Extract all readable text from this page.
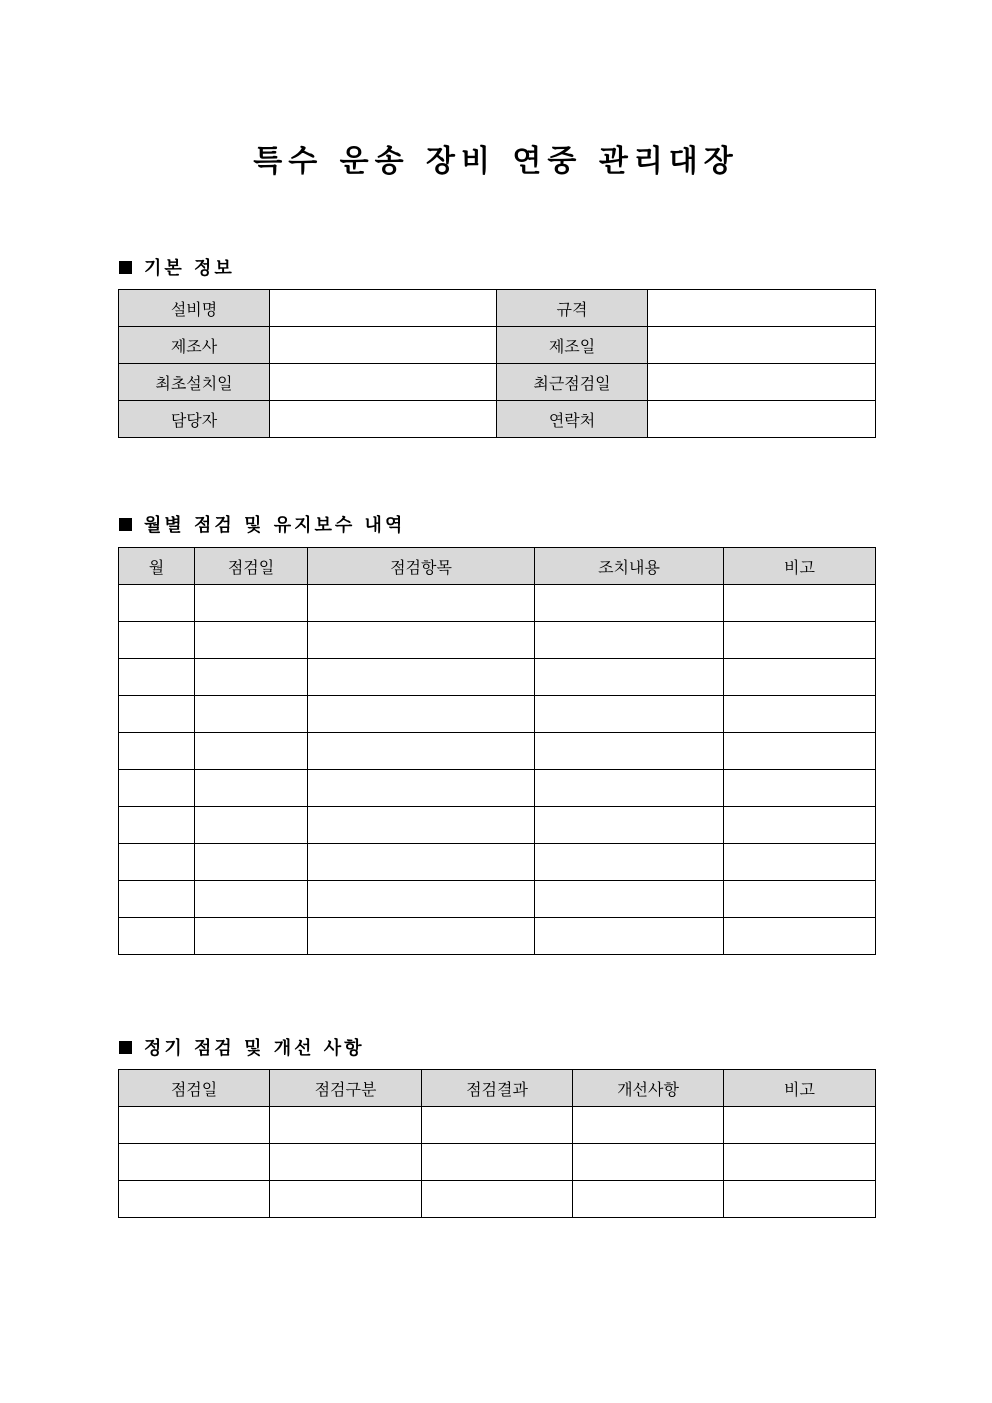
특수 운송 장비 연중 관리대장
기본 정보
설비명		규격	
제조사		제조일	
최초설치일		최근점검일	
담당자		연락처	
월별 점검 및 유지보수 내역
월	점검일	점검항목	조치내용	비고

정기 점검 및 개선 사항
점검일	점검구분	점검결과	개선사항	비고
